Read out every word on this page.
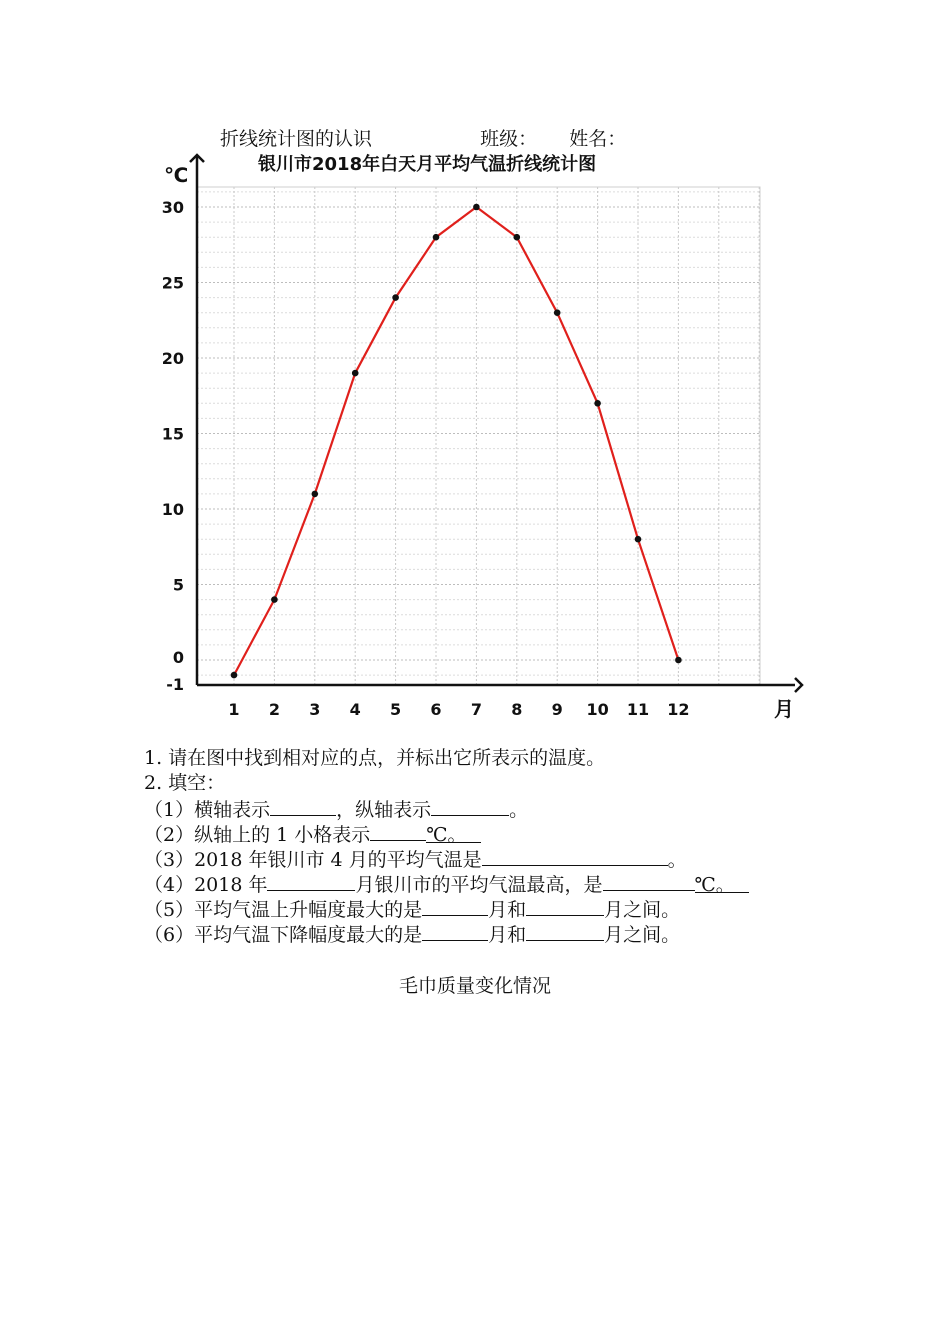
折线统计图的认识	班级： 姓名：
-1
0
5
10
15
20
25
30
1 2 3 4 5 6 7 8 9 10 11 12
银川市2018年白天月平均气温折线统计图
℃
月
1. 请在图中找到相对应的点，并标出它所表示的温度。
2. 填空：
（1）横轴表示	，纵轴表示	。
（2）纵轴上的 1 小格表示	℃。
（3）2018 年银川市 4 月的平均气温是	。
（4）2018 年	月银川市的平均气温最高，是	℃。
（5）平均气温上升幅度最大的是	月和	月之间。
（6）平均气温下降幅度最大的是	月和	月之间。
毛巾质量变化情况
